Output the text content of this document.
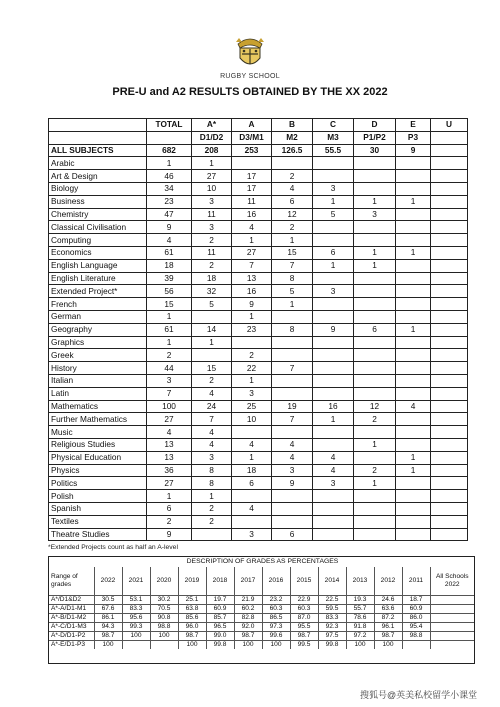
RUGBY SCHOOL
PRE-U and A2 RESULTS OBTAINED BY THE XX 2022
	TOTAL	A*	A	B	C	D	E	U
		D1/D2	D3/M1	M2	M3	P1/P2	P3	
ALL SUBJECTS	682	208	253	126.5	55.5	30	9	
Arabic	1	1						
Art & Design	46	27	17	2				
Biology	34	10	17	4	3			
Business	23	3	11	6	1	1	1	
Chemistry	47	11	16	12	5	3		
Classical Civilisation	9	3	4	2				
Computing	4	2	1	1				
Economics	61	11	27	15	6	1	1	
English Language	18	2	7	7	1	1		
English Literature	39	18	13	8				
Extended Project*	56	32	16	5	3			
French	15	5	9	1				
German	1		1					
Geography	61	14	23	8	9	6	1	
Graphics	1	1						
Greek	2		2					
History	44	15	22	7				
Italian	3	2	1					
Latin	7	4	3					
Mathematics	100	24	25	19	16	12	4	
Further Mathematics	27	7	10	7	1	2		
Music	4	4						
Religious Studies	13	4	4	4		1		
Physical Education	13	3	1	4	4		1	
Physics	36	8	18	3	4	2	1	
Politics	27	8	6	9	3	1		
Polish	1	1						
Spanish	6	2	4					
Textiles	2	2						
Theatre Studies	9		3	6				
*Extended Projects count as half an A-level
DESCRIPTION OF GRADES AS PERCENTAGES
Range of grades	2022	2021	2020	2019	2018	2017	2016	2015	2014	2013	2012	2011	All Schools 2022
A*/D1&D2	30.5	53.1	30.2	25.1	19.7	21.9	23.2	22.9	22.5	19.3	24.6	18.7	
A*-A/D1-M1	67.6	83.3	70.5	63.8	60.9	60.2	60.3	60.3	59.5	55.7	63.6	60.9	
A*-B/D1-M2	86.1	95.6	90.8	85.6	85.7	82.8	86.5	87.0	83.3	78.6	87.2	86.0	
A*-C/D1-M3	94.3	99.3	98.8	96.0	96.5	92.0	97.3	95.5	92.3	91.8	96.1	95.4	
A*-D/D1-P2	98.7	100	100	98.7	99.0	98.7	99.6	98.7	97.5	97.2	98.7	98.8	
A*-E/D1-P3	100			100	99.8	100	100	99.5	99.8	100	100		
搜狐号@英美私校留学小课堂
